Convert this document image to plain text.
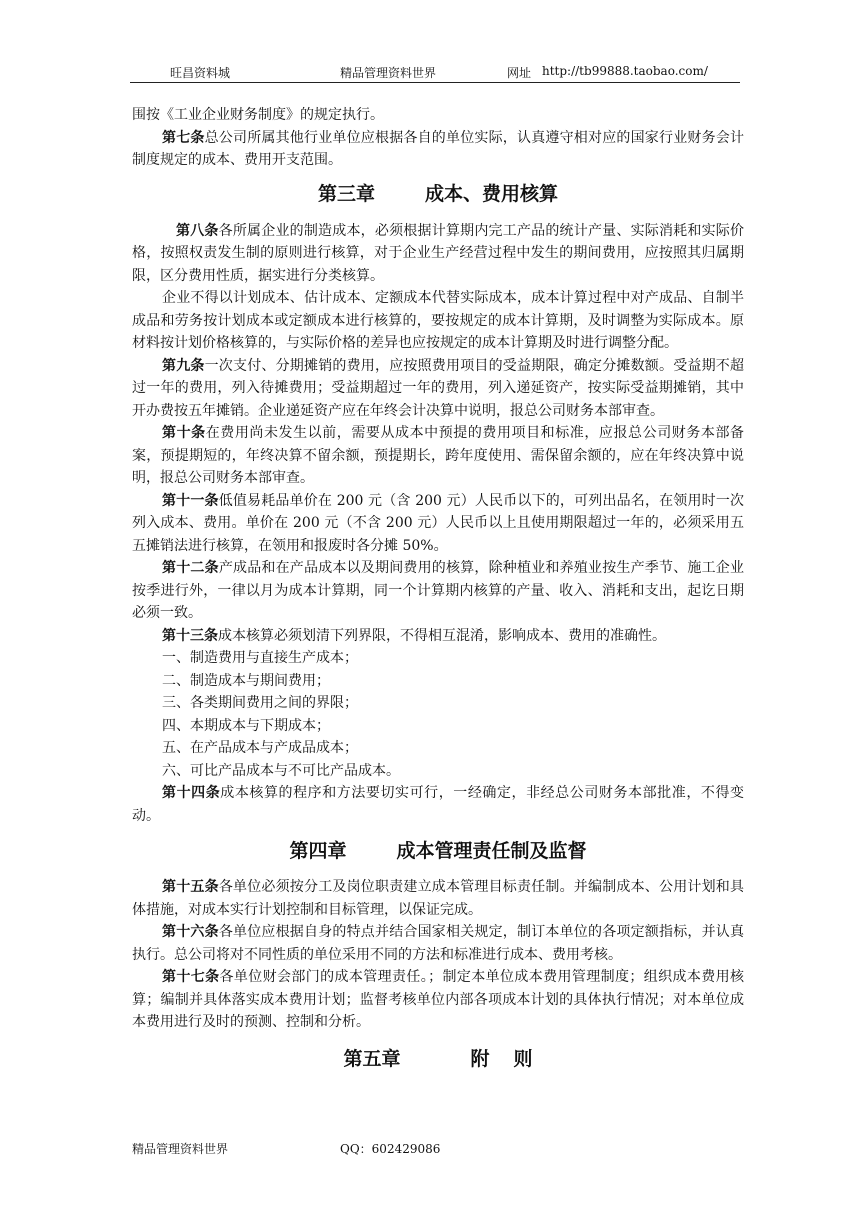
旺昌资料城	精品管理资料世界	网址 http://tb99888.taobao.com/

围按《工业企业财务制度》的规定执行。

第七条总公司所属其他行业单位应根据各自的单位实际，认真遵守相对应的国家行业财务会计制度规定的成本、费用开支范围。

第三章	成本、费用核算

第八条各所属企业的制造成本，必须根据计算期内完工产品的统计产量、实际消耗和实际价格，按照权责发生制的原则进行核算，对于企业生产经营过程中发生的期间费用，应按照其归属期限，区分费用性质，据实进行分类核算。

企业不得以计划成本、估计成本、定额成本代替实际成本，成本计算过程中对产成品、自制半成品和劳务按计划成本或定额成本进行核算的，要按规定的成本计算期，及时调整为实际成本。原材料按计划价格核算的，与实际价格的差异也应按规定的成本计算期及时进行调整分配。

第九条一次支付、分期摊销的费用，应按照费用项目的受益期限，确定分摊数额。受益期不超过一年的费用，列入待摊费用；受益期超过一年的费用，列入递延资产，按实际受益期摊销，其中开办费按五年摊销。企业递延资产应在年终会计决算中说明，报总公司财务本部审查。

第十条在费用尚未发生以前，需要从成本中预提的费用项目和标准，应报总公司财务本部备案，预提期短的，年终决算不留余额，预提期长，跨年度使用、需保留余额的，应在年终决算中说明，报总公司财务本部审查。

第十一条低值易耗品单价在 200 元（含 200 元）人民币以下的，可列出品名，在领用时一次列入成本、费用。单价在 200 元（不含 200 元）人民币以上且使用期限超过一年的，必须采用五五摊销法进行核算，在领用和报废时各分摊 50%。

第十二条产成品和在产品成本以及期间费用的核算，除种植业和养殖业按生产季节、施工企业按季进行外，一律以月为成本计算期，同一个计算期内核算的产量、收入、消耗和支出，起讫日期必须一致。

第十三条成本核算必须划清下列界限，不得相互混淆，影响成本、费用的准确性。

一、制造费用与直接生产成本；

二、制造成本与期间费用；

三、各类期间费用之间的界限；

四、本期成本与下期成本；

五、在产品成本与产成品成本；

六、可比产品成本与不可比产品成本。

第十四条成本核算的程序和方法要切实可行，一经确定，非经总公司财务本部批准，不得变动。

第四章	成本管理责任制及监督

第十五条各单位必须按分工及岗位职责建立成本管理目标责任制。并编制成本、公用计划和具体措施，对成本实行计划控制和目标管理，以保证完成。

第十六条各单位应根据自身的特点并结合国家相关规定，制订本单位的各项定额指标，并认真执行。总公司将对不同性质的单位采用不同的方法和标准进行成本、费用考核。

第十七条各单位财会部门的成本管理责任。；制定本单位成本费用管理制度；组织成本费用核算；编制并具体落实成本费用计划；监督考核单位内部各项成本计划的具体执行情况；对本单位成本费用进行及时的预测、控制和分析。

第五章	附 则
精品管理资料世界	QQ：602429086
